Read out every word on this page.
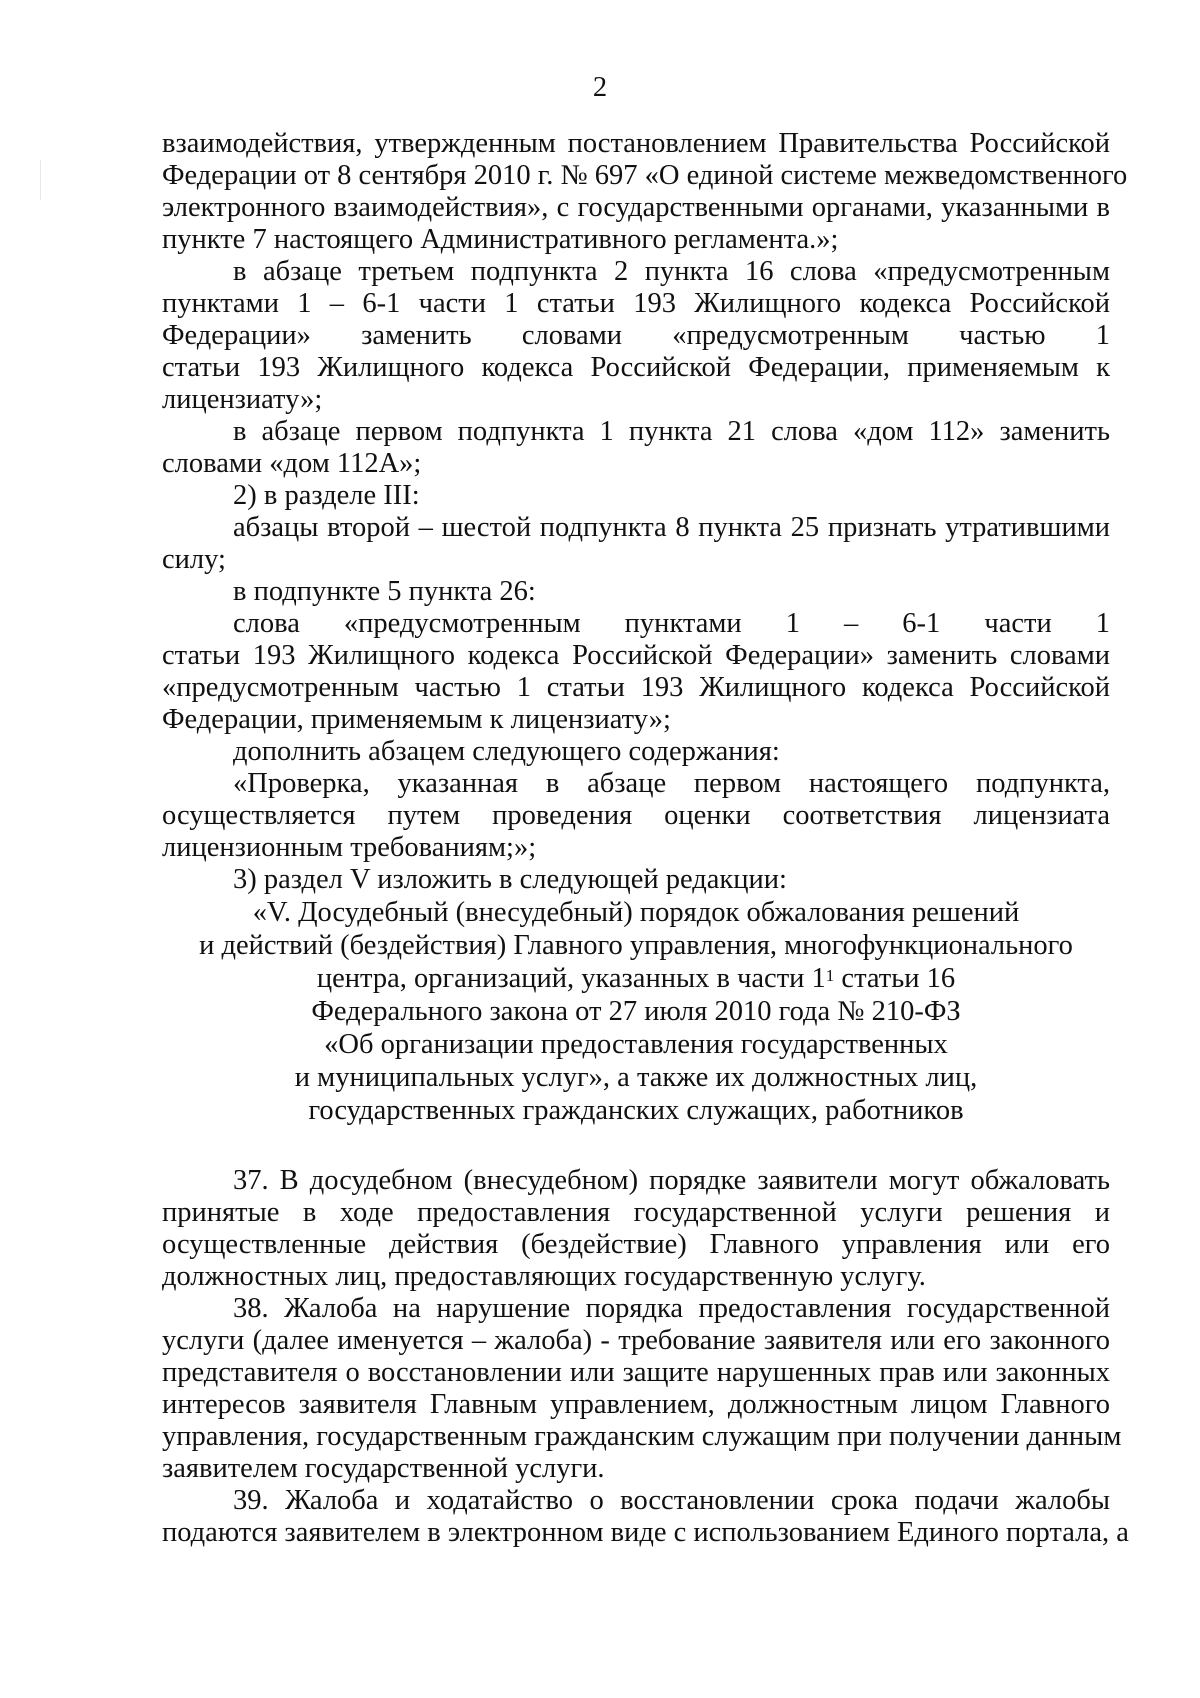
2
взаимодействия, утвержденным постановлением Правительства Российской
Федерации от 8 сентября 2010 г. № 697 «О единой системе межведомственного
электронного взаимодействия», с государственными органами, указанными в
пункте 7 настоящего Административного регламента.»;
в абзаце третьем подпункта 2 пункта 16 слова «предусмотренным
пунктами 1 – 6-1 части 1 статьи 193 Жилищного кодекса Российской
Федерации» заменить словами «предусмотренным частью 1
статьи 193 Жилищного кодекса Российской Федерации, применяемым к
лицензиату»;
в абзаце первом подпункта 1 пункта 21 слова «дом 112» заменить
словами «дом 112А»;
2) в разделе III:
абзацы второй – шестой подпункта 8 пункта 25 признать утратившими
силу;
в подпункте 5 пункта 26:
слова «предусмотренным пунктами 1 – 6-1 части 1
статьи 193 Жилищного кодекса Российской Федерации» заменить словами
«предусмотренным частью 1 статьи 193 Жилищного кодекса Российской
Федерации, применяемым к лицензиату»;
дополнить абзацем следующего содержания:
«Проверка, указанная в абзаце первом настоящего подпункта,
осуществляется путем проведения оценки соответствия лицензиата
лицензионным требованиям;»;
3) раздел V изложить в следующей редакции:
«V. Досудебный (внесудебный) порядок обжалования решений
и действий (бездействия) Главного управления, многофункционального
центра, организаций, указанных в части $1^1$ статьи 16
Федерального закона от 27 июля 2010 года № 210-ФЗ
«Об организации предоставления государственных
и муниципальных услуг», а также их должностных лиц,
государственных гражданских служащих, работников
37. В досудебном (внесудебном) порядке заявители могут обжаловать
принятые в ходе предоставления государственной услуги решения и
осуществленные действия (бездействие) Главного управления или его
должностных лиц, предоставляющих государственную услугу.
38. Жалоба на нарушение порядка предоставления государственной
услуги (далее именуется – жалоба) - требование заявителя или его законного
представителя о восстановлении или защите нарушенных прав или законных
интересов заявителя Главным управлением, должностным лицом Главного
управления, государственным гражданским служащим при получении данным
заявителем государственной услуги.
39. Жалоба и ходатайство о восстановлении срока подачи жалобы
подаются заявителем в электронном виде с использованием Единого портала, а
